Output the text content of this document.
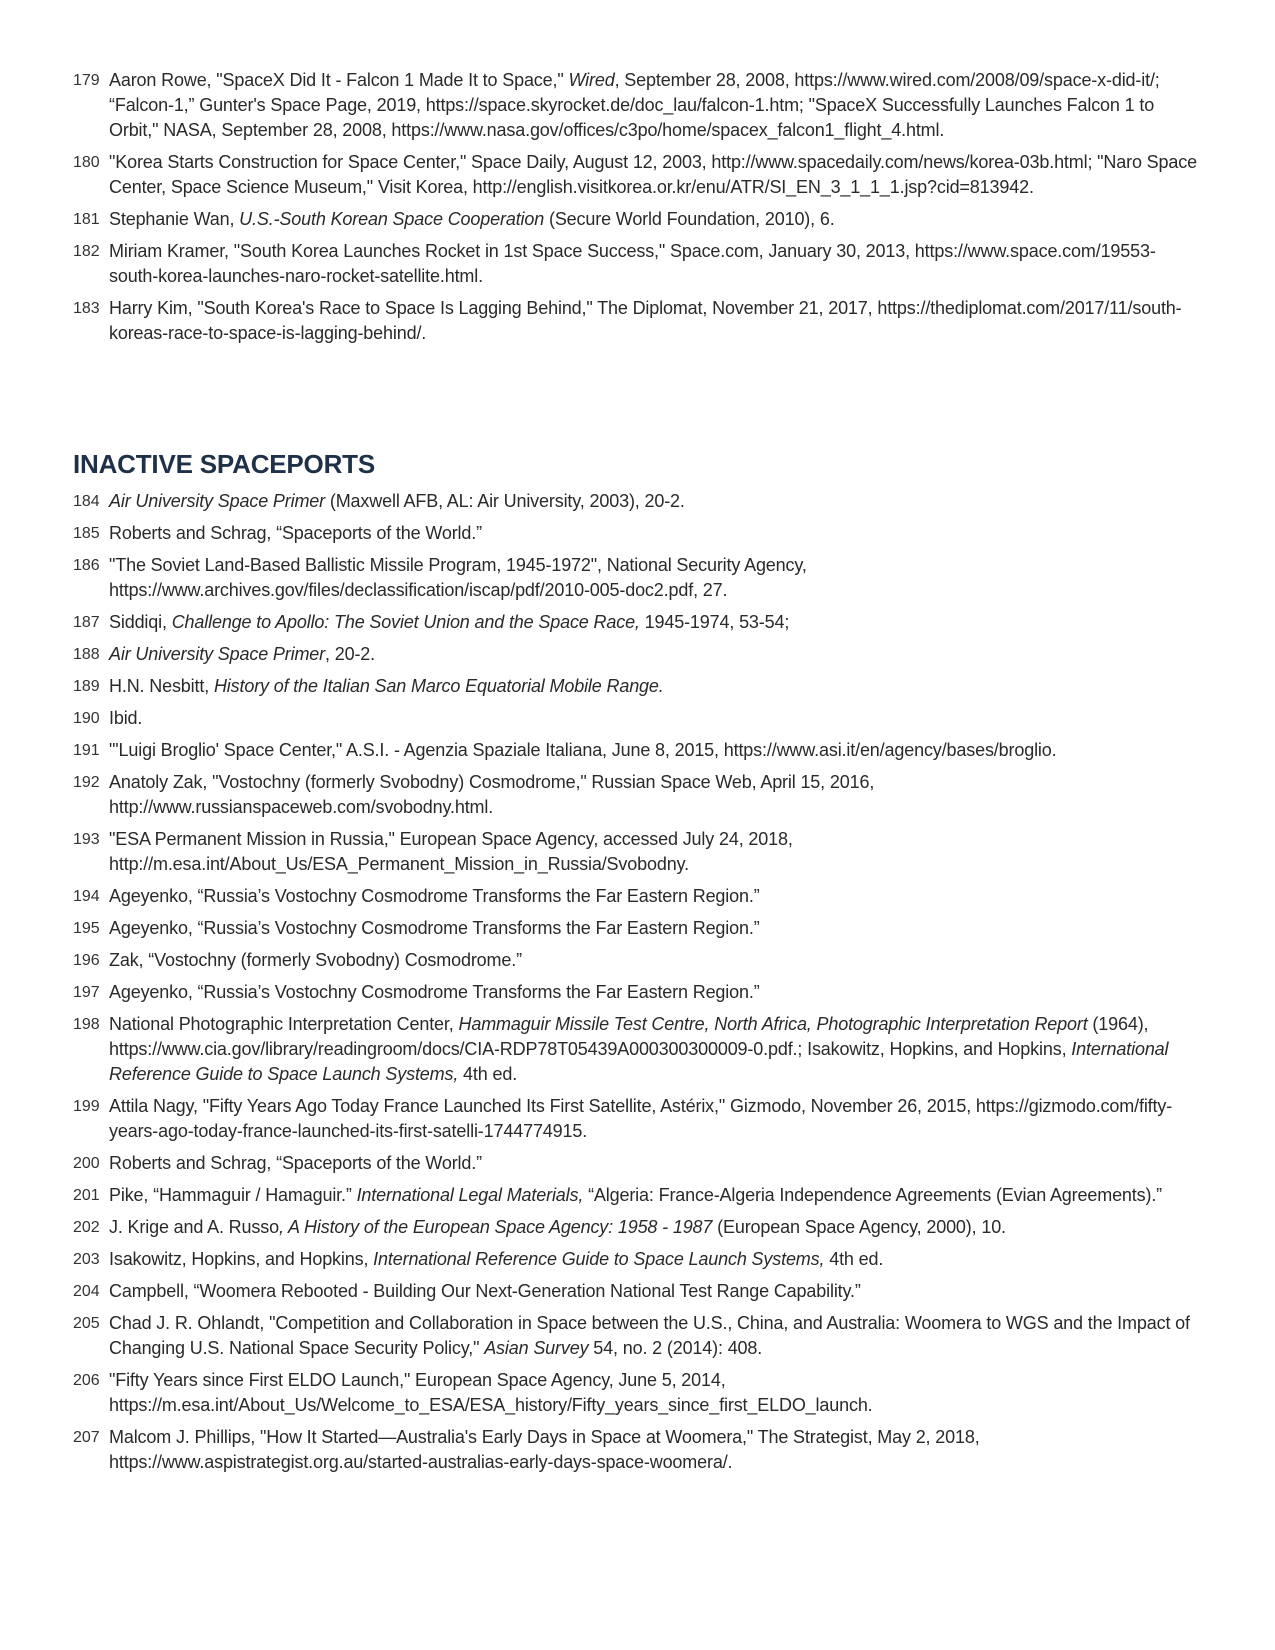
179 Aaron Rowe, "SpaceX Did It - Falcon 1 Made It to Space," Wired, September 28, 2008, https://www.wired.com/2008/09/space-x-did-it/; “Falcon-1,” Gunter's Space Page, 2019, https://space.skyrocket.de/doc_lau/falcon-1.htm; "SpaceX Successfully Launches Falcon 1 to Orbit," NASA, September 28, 2008, https://www.nasa.gov/offices/c3po/home/spacex_falcon1_flight_4.html.
180 "Korea Starts Construction for Space Center," Space Daily, August 12, 2003, http://www.spacedaily.com/news/korea-03b.html; "Naro Space Center, Space Science Museum," Visit Korea, http://english.visitkorea.or.kr/enu/ATR/SI_EN_3_1_1_1.jsp?cid=813942.
181 Stephanie Wan, U.S.-South Korean Space Cooperation (Secure World Foundation, 2010), 6.
182 Miriam Kramer, "South Korea Launches Rocket in 1st Space Success," Space.com, January 30, 2013, https://www.space.com/19553-south-korea-launches-naro-rocket-satellite.html.
183 Harry Kim, "South Korea's Race to Space Is Lagging Behind," The Diplomat, November 21, 2017, https://thediplomat.com/2017/11/south-koreas-race-to-space-is-lagging-behind/.
INACTIVE SPACEPORTS
184 Air University Space Primer (Maxwell AFB, AL: Air University, 2003), 20-2.
185 Roberts and Schrag, “Spaceports of the World.”
186 "The Soviet Land-Based Ballistic Missile Program, 1945-1972", National Security Agency, https://www.archives.gov/files/declassification/iscap/pdf/2010-005-doc2.pdf, 27.
187 Siddiqi, Challenge to Apollo: The Soviet Union and the Space Race, 1945-1974, 53-54;
188 Air University Space Primer, 20-2.
189 H.N. Nesbitt, History of the Italian San Marco Equatorial Mobile Range.
190 Ibid.
191 "'Luigi Broglio' Space Center," A.S.I. - Agenzia Spaziale Italiana, June 8, 2015, https://www.asi.it/en/agency/bases/broglio.
192 Anatoly Zak, "Vostochny (formerly Svobodny) Cosmodrome," Russian Space Web, April 15, 2016, http://www.russianspaceweb.com/svobodny.html.
193 "ESA Permanent Mission in Russia," European Space Agency, accessed July 24, 2018, http://m.esa.int/About_Us/ESA_Permanent_Mission_in_Russia/Svobodny.
194 Ageyenko, “Russia’s Vostochny Cosmodrome Transforms the Far Eastern Region.”
195 Ageyenko, “Russia’s Vostochny Cosmodrome Transforms the Far Eastern Region.”
196 Zak, “Vostochny (formerly Svobodny) Cosmodrome.”
197 Ageyenko, “Russia’s Vostochny Cosmodrome Transforms the Far Eastern Region.”
198 National Photographic Interpretation Center, Hammaguir Missile Test Centre, North Africa, Photographic Interpretation Report (1964), https://www.cia.gov/library/readingroom/docs/CIA-RDP78T05439A000300300009-0.pdf.; Isakowitz, Hopkins, and Hopkins, International Reference Guide to Space Launch Systems, 4th ed.
199 Attila Nagy, "Fifty Years Ago Today France Launched Its First Satellite, Astérix," Gizmodo, November 26, 2015, https://gizmodo.com/fifty-years-ago-today-france-launched-its-first-satelli-1744774915.
200 Roberts and Schrag, “Spaceports of the World.”
201 Pike, “Hammaguir / Hamaguir.” International Legal Materials, “Algeria: France-Algeria Independence Agreements (Evian Agreements).”
202 J. Krige and A. Russo, A History of the European Space Agency: 1958 - 1987 (European Space Agency, 2000), 10.
203 Isakowitz, Hopkins, and Hopkins, International Reference Guide to Space Launch Systems, 4th ed.
204 Campbell, “Woomera Rebooted - Building Our Next-Generation National Test Range Capability.”
205 Chad J. R. Ohlandt, "Competition and Collaboration in Space between the U.S., China, and Australia: Woomera to WGS and the Impact of Changing U.S. National Space Security Policy," Asian Survey 54, no. 2 (2014): 408.
206 "Fifty Years since First ELDO Launch," European Space Agency, June 5, 2014, https://m.esa.int/About_Us/Welcome_to_ESA/ESA_history/Fifty_years_since_first_ELDO_launch.
207 Malcom J. Phillips, "How It Started—Australia's Early Days in Space at Woomera," The Strategist, May 2, 2018, https://www.aspistrategist.org.au/started-australias-early-days-space-woomera/.
